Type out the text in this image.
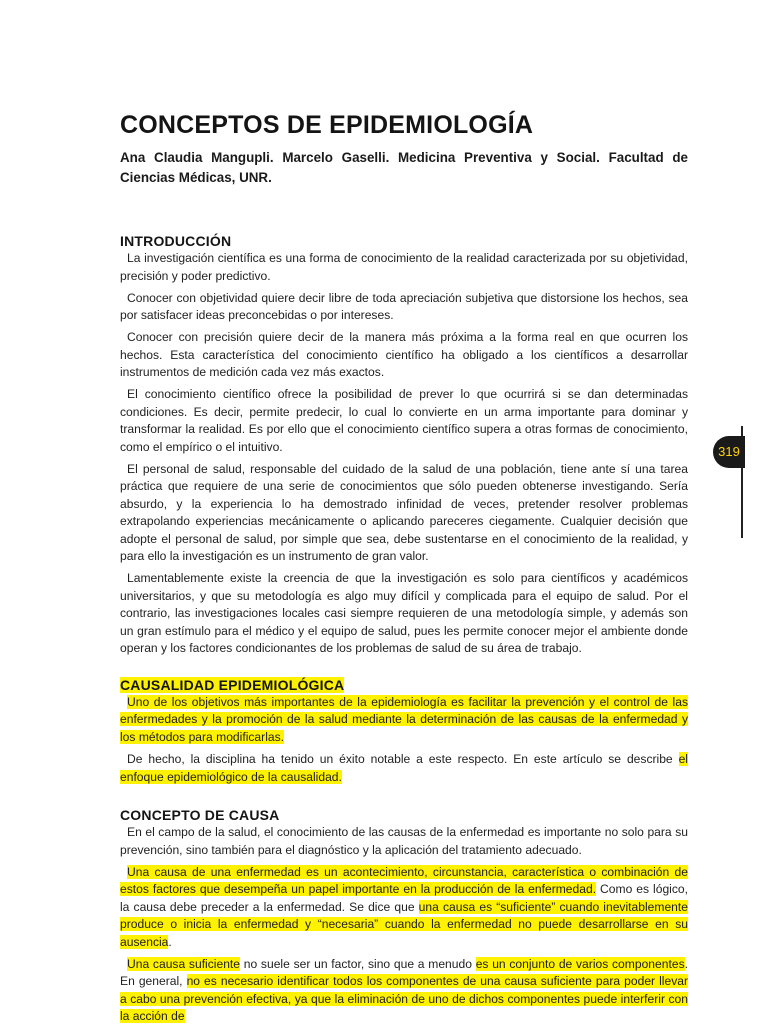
319
CONCEPTOS DE EPIDEMIOLOGÍA
Ana Claudia Mangupli. Marcelo Gaselli. Medicina Preventiva y Social. Facultad de Ciencias Médicas, UNR.
INTRODUCCIÓN

La investigación científica es una forma de conocimiento de la realidad caracterizada por su objetividad, precisión y poder predictivo.

Conocer con objetividad quiere decir libre de toda apreciación subjetiva que distorsione los hechos, sea por satisfacer ideas preconcebidas o por intereses.

Conocer con precisión quiere decir de la manera más próxima a la forma real en que ocurren los hechos. Esta característica del conocimiento científico ha obligado a los científicos a desarrollar instrumentos de medición cada vez más exactos.

El conocimiento científico ofrece la posibilidad de prever lo que ocurrirá si se dan determinadas condiciones. Es decir, permite predecir, lo cual lo convierte en un arma importante para dominar y transformar la realidad. Es por ello que el conocimiento científico supera a otras formas de conocimiento, como el empírico o el intuitivo.

El personal de salud, responsable del cuidado de la salud de una población, tiene ante sí una tarea práctica que requiere de una serie de conocimientos que sólo pueden obtenerse investigando. Sería absurdo, y la experiencia lo ha demostrado infinidad de veces, pretender resolver problemas extrapolando experiencias mecánicamente o aplicando pareceres ciegamente. Cualquier decisión que adopte el personal de salud, por simple que sea, debe sustentarse en el conocimiento de la realidad, y para ello la investigación es un instrumento de gran valor.

Lamentablemente existe la creencia de que la investigación es solo para científicos y académicos universitarios, y que su metodología es algo muy difícil y complicada para el equipo de salud. Por el contrario, las investigaciones locales casi siempre requieren de una metodología simple, y además son un gran estímulo para el médico y el equipo de salud, pues les permite conocer mejor el ambiente donde operan y los factores condicionantes de los problemas de salud de su área de trabajo.

CAUSALIDAD EPIDEMIOLÓGICA

Uno de los objetivos más importantes de la epidemiología es facilitar la prevención y el control de las enfermedades y la promoción de la salud mediante la determinación de las causas de la enfermedad y los métodos para modificarlas.

De hecho, la disciplina ha tenido un éxito notable a este respecto. En este artículo se describe el enfoque epidemiológico de la causalidad.

CONCEPTO DE CAUSA

En el campo de la salud, el conocimiento de las causas de la enfermedad es importante no solo para su prevención, sino también para el diagnóstico y la aplicación del tratamiento adecuado.

Una causa de una enfermedad es un acontecimiento, circunstancia, característica o combinación de estos factores que desempeña un papel importante en la producción de la enfermedad. Como es lógico, la causa debe preceder a la enfermedad. Se dice que una causa es “suficiente” cuando inevitablemente produce o inicia la enfermedad y “necesaria” cuando la enfermedad no puede desarrollarse en su ausencia.

Una causa suficiente no suele ser un factor, sino que a menudo es un conjunto de varios componentes. En general, no es necesario identificar todos los componentes de una causa suficiente para poder llevar a cabo una prevención efectiva, ya que la eliminación de uno de dichos componentes puede interferir con la acción de
